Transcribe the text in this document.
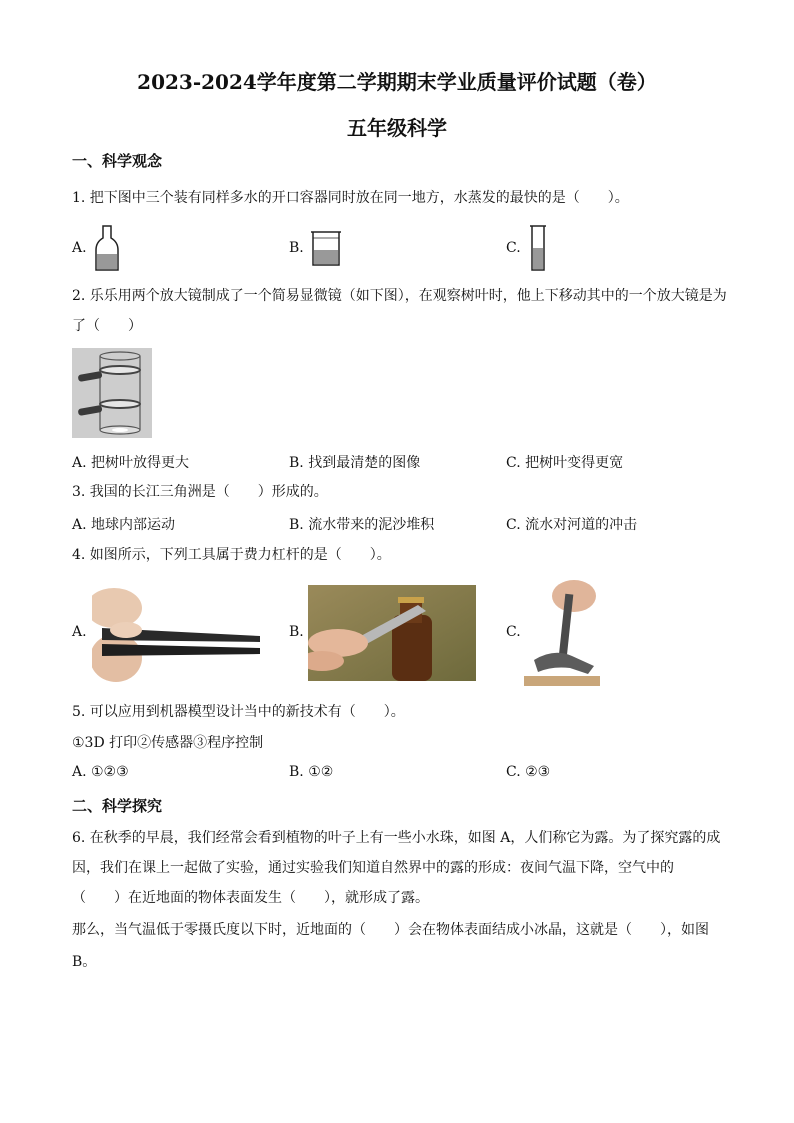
2023-2024学年度第二学期期末学业质量评价试题（卷）
五年级科学
一、科学观念
1. 把下图中三个装有同样多水的开口容器同时放在同一地方，水蒸发的最快的是（　　）。
A.	B.	C.
2. 乐乐用两个放大镜制成了一个简易显微镜（如下图），在观察树叶时，他上下移动其中的一个放大镜是为
了（　　）
A. 把树叶放得更大	B. 找到最清楚的图像	C. 把树叶变得更宽
3. 我国的长江三角洲是（　　）形成的。
A. 地球内部运动	B. 流水带来的泥沙堆积	C. 流水对河道的冲击
4. 如图所示，下列工具属于费力杠杆的是（　　）。
A.	B.	C.
5. 可以应用到机器模型设计当中的新技术有（　　）。
①3D 打印②传感器③程序控制
A. ①②③	B. ①②	C. ②③
二、科学探究
6. 在秋季的早晨，我们经常会看到植物的叶子上有一些小水珠，如图 A，人们称它为露。为了探究露的成
因，我们在课上一起做了实验，通过实验我们知道自然界中的露的形成：夜间气温下降，空气中的
（　　）在近地面的物体表面发生（　　），就形成了露。
那么，当气温低于零摄氏度以下时，近地面的（　　）会在物体表面结成小冰晶，这就是（　　），如图
B。
